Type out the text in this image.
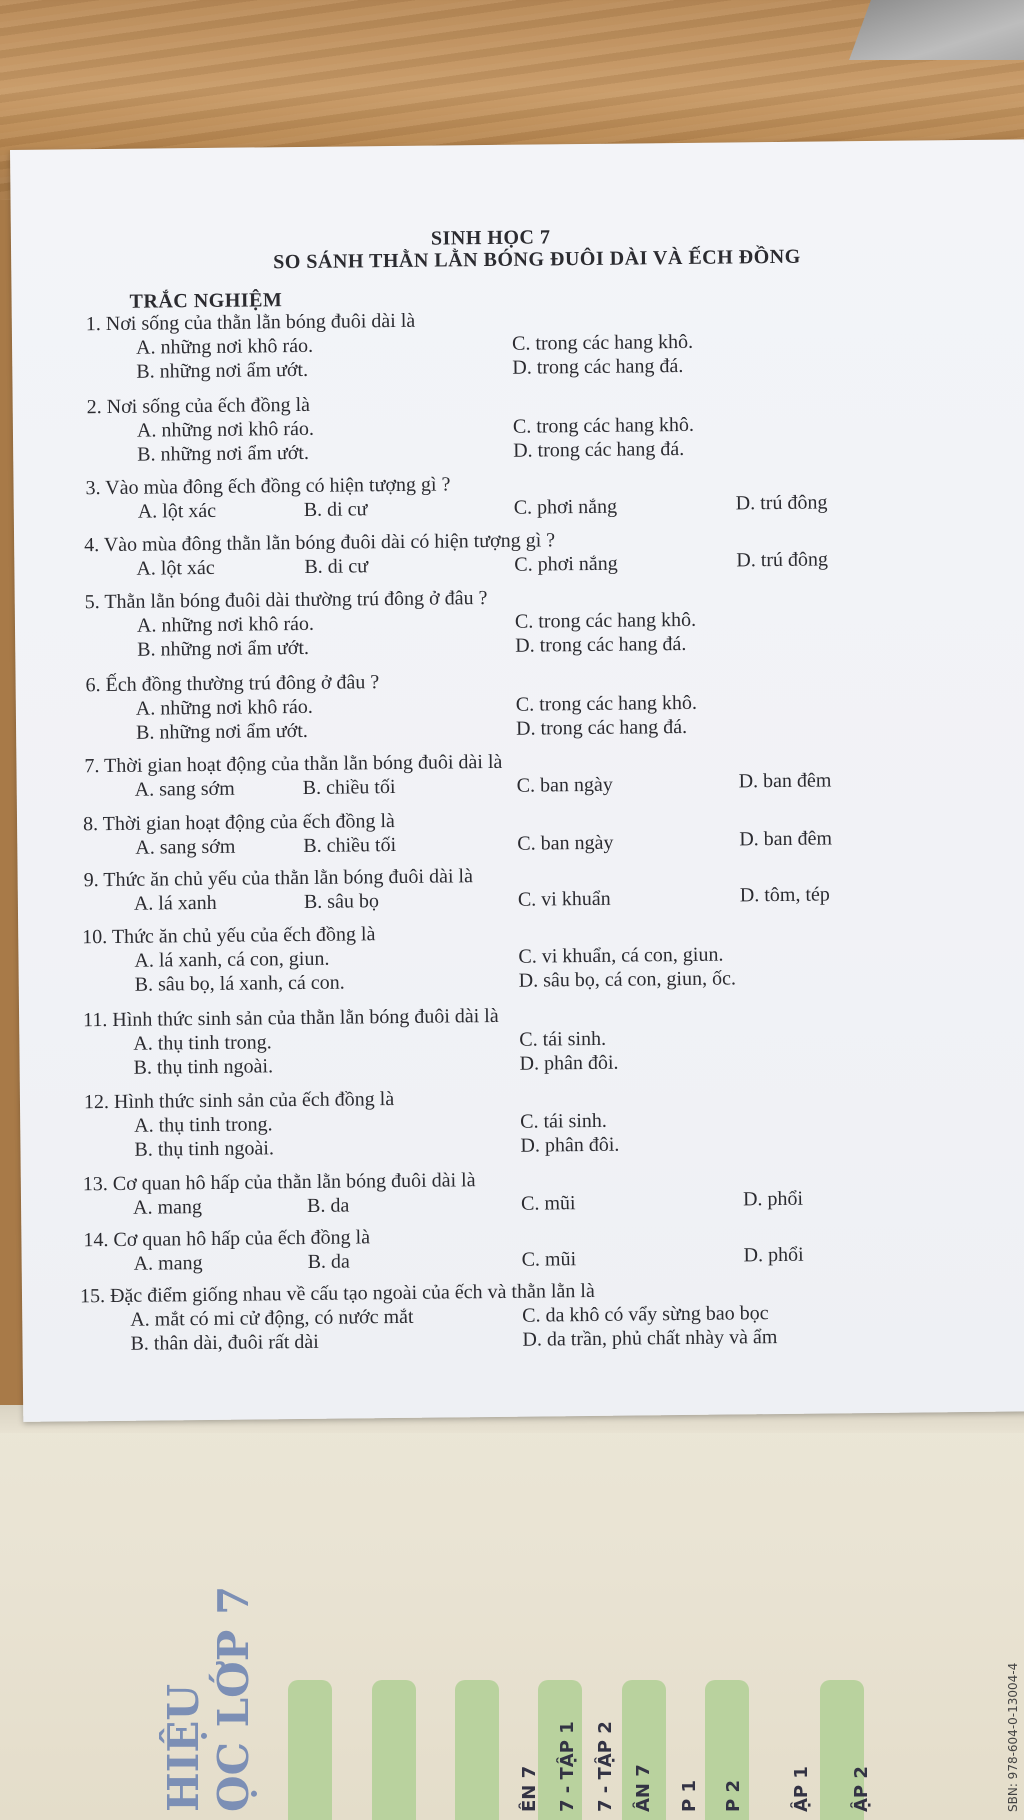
HIỆU ỌC LỚP 7	ÊN 7 7 - TẬP 1 7 - TẬP 2 ÂN 7 P 1 P 2	ẬP 1 ẬP 2	SBN: 978-604-0-13004-4
SINH HỌC 7
SO SÁNH THẰN LẰN BÓNG ĐUÔI DÀI VÀ ẾCH ĐỒNG
TRẮC NGHIỆM
1. Nơi sống của thằn lằn bóng đuôi dài là
A. những nơi khô ráo.	C. trong các hang khô.
B. những nơi ẩm ướt.	D. trong các hang đá.
2. Nơi sống của ếch đồng là
A. những nơi khô ráo.	C. trong các hang khô.
B. những nơi ẩm ướt.	D. trong các hang đá.
3. Vào mùa đông ếch đồng có hiện tượng gì ?
A. lột xác	B. di cư	C. phơi nắng	D. trú đông
4. Vào mùa đông thằn lằn bóng đuôi dài có hiện tượng gì ?
A. lột xác	B. di cư	C. phơi nắng	D. trú đông
5. Thằn lằn bóng đuôi dài thường trú đông ở đâu ?
A. những nơi khô ráo.	C. trong các hang khô.
B. những nơi ẩm ướt.	D. trong các hang đá.
6. Ếch đồng thường trú đông ở đâu ?
A. những nơi khô ráo.	C. trong các hang khô.
B. những nơi ẩm ướt.	D. trong các hang đá.
7. Thời gian hoạt động của thằn lằn bóng đuôi dài là
A. sang sớm	B. chiều tối	C. ban ngày	D. ban đêm
8. Thời gian hoạt động của ếch đồng là
A. sang sớm	B. chiều tối	C. ban ngày	D. ban đêm
9. Thức ăn chủ yếu của thằn lằn bóng đuôi dài là
A. lá xanh	B. sâu bọ	C. vi khuẩn	D. tôm, tép
10. Thức ăn chủ yếu của ếch đồng là
A. lá xanh, cá con, giun.	C. vi khuẩn, cá con, giun.
B. sâu bọ, lá xanh, cá con.	D. sâu bọ, cá con, giun, ốc.
11. Hình thức sinh sản của thằn lằn bóng đuôi dài là
A. thụ tinh trong.	C. tái sinh.
B. thụ tinh ngoài.	D. phân đôi.
12. Hình thức sinh sản của ếch đồng là
A. thụ tinh trong.	C. tái sinh.
B. thụ tinh ngoài.	D. phân đôi.
13. Cơ quan hô hấp của thằn lằn bóng đuôi dài là
A. mang	B. da	C. mũi	D. phổi
14. Cơ quan hô hấp của ếch đồng là
A. mang	B. da	C. mũi	D. phổi
15. Đặc điểm giống nhau về cấu tạo ngoài của ếch và thằn lằn là
A. mắt có mi cử động, có nước mắt	C. da khô có vẩy sừng bao bọc
B. thân dài, đuôi rất dài	D. da trần, phủ chất nhày và ẩm
